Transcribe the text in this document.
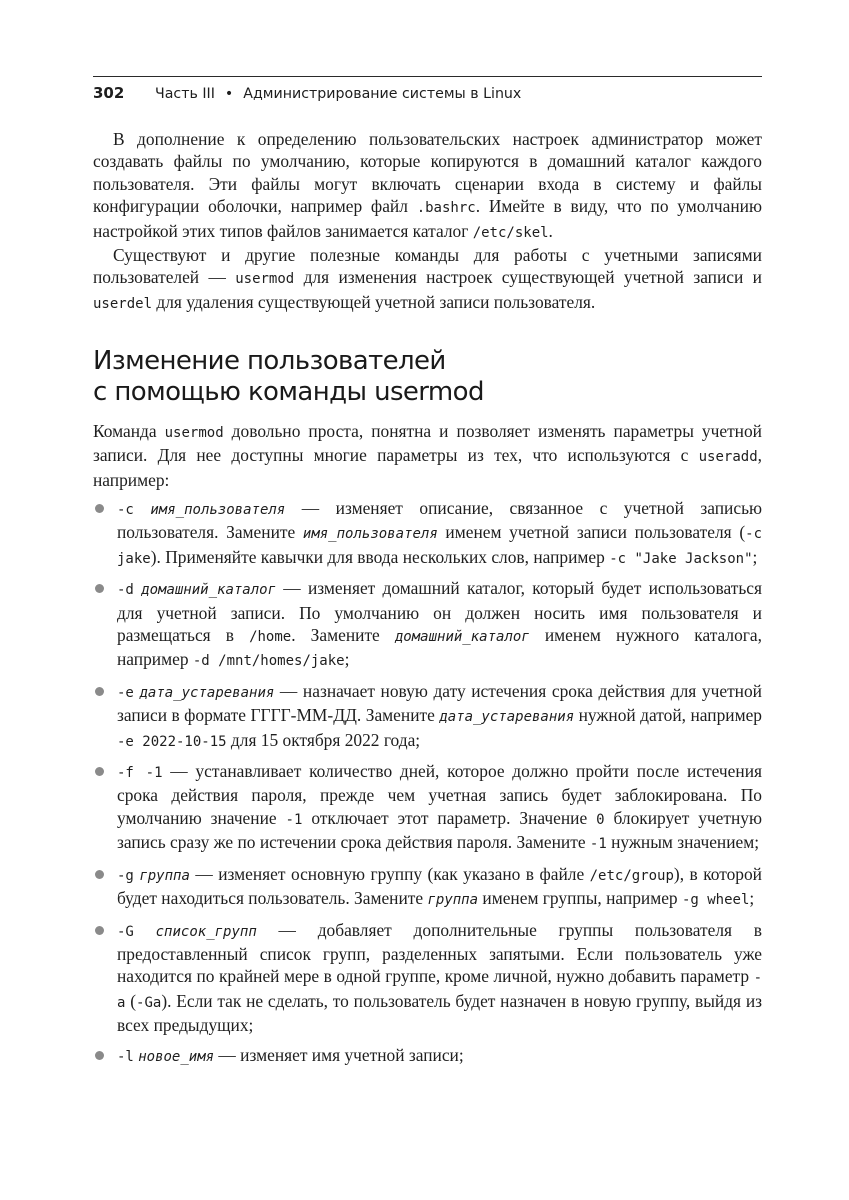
302 Часть III • Администрирование системы в Linux

В дополнение к определению пользовательских настроек администратор может создавать файлы по умолчанию, которые копируются в домашний каталог каждого пользователя. Эти файлы могут включать сценарии входа в систему и файлы конфигурации оболочки, например файл .bashrc. Имейте в виду, что по умолчанию настройкой этих типов файлов занимается каталог /etc/skel.

Существуют и другие полезные команды для работы с учетными записями пользователей — usermod для изменения настроек существующей учетной записи и userdel для удаления существующей учетной записи пользователя.

Изменение пользователей
с помощью команды usermod

Команда usermod довольно проста, понятна и позволяет изменять параметры учетной записи. Для нее доступны многие параметры из тех, что используются с useradd, например:

-c имя_пользователя — изменяет описание, связанное с учетной записью пользователя. Замените имя_пользователя именем учетной записи пользователя (-c jake). Применяйте кавычки для ввода нескольких слов, например -c "Jake Jackson";
-d домашний_каталог — изменяет домашний каталог, который будет использоваться для учетной записи. По умолчанию он должен носить имя пользователя и размещаться в /home. Замените домашний_каталог именем нужного каталога, например -d /mnt/homes/jake;
-e дата_устаревания — назначает новую дату истечения срока действия для учетной записи в формате ГГГГ-ММ-ДД. Замените дата_устаревания нужной датой, например -e 2022-10-15 для 15 октября 2022 года;
-f -1 — устанавливает количество дней, которое должно пройти после истечения срока действия пароля, прежде чем учетная запись будет заблокирована. По умолчанию значение -1 отключает этот параметр. Значение 0 блокирует учетную запись сразу же по истечении срока действия пароля. Замените -1 нужным значением;
-g группа — изменяет основную группу (как указано в файле /etc/group), в которой будет находиться пользователь. Замените группа именем группы, например -g wheel;
-G список_групп — добавляет дополнительные группы пользователя в предоставленный список групп, разделенных запятыми. Если пользователь уже находится по крайней мере в одной группе, кроме личной, нужно добавить параметр -a (-Ga). Если так не сделать, то пользователь будет назначен в новую группу, выйдя из всех предыдущих;
-l новое_имя — изменяет имя учетной записи;
